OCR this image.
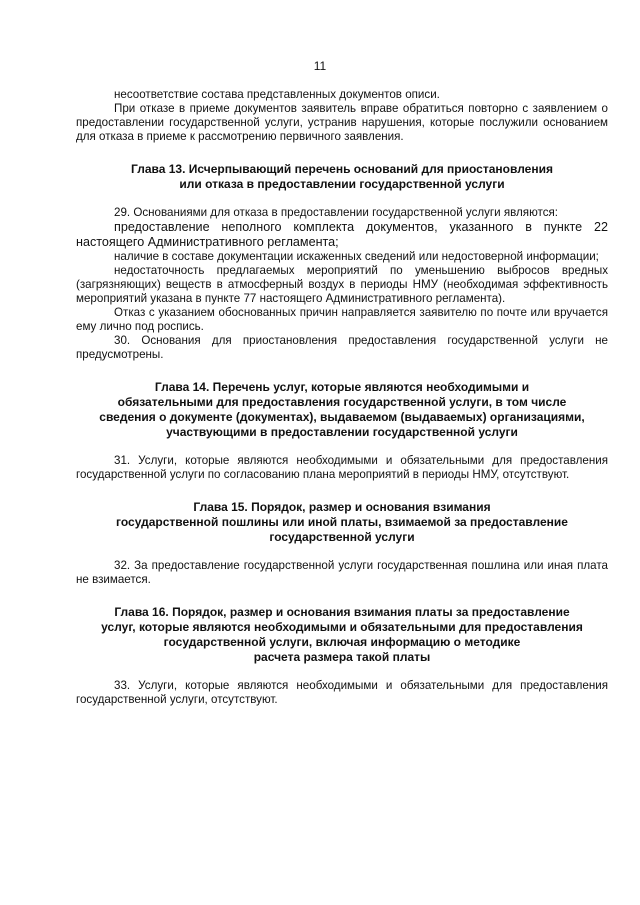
11

несоответствие состава представленных документов описи.

При отказе в приеме документов заявитель вправе обратиться повторно с заявлением о предоставлении государственной услуги, устранив нарушения, которые послужили основанием для отказа в приеме к рассмотрению первичного заявления.

Глава 13. Исчерпывающий перечень оснований для приостановления
или отказа в предоставлении государственной услуги

29. Основаниями для отказа в предоставлении государственной услуги являются:

предоставление неполного комплекта документов, указанного в пункте 22 настоящего Административного регламента;

наличие в составе документации искаженных сведений или недостоверной информации;

недостаточность предлагаемых мероприятий по уменьшению выбросов вредных (загрязняющих) веществ в атмосферный воздух в периоды НМУ (необходимая эффективность мероприятий указана в пункте 77 настоящего Административного регламента).

Отказ с указанием обоснованных причин направляется заявителю по почте или вручается ему лично под роспись.

30. Основания для приостановления предоставления государственной услуги не предусмотрены.

Глава 14. Перечень услуг, которые являются необходимыми и
обязательными для предоставления государственной услуги, в том числе
сведения о документе (документах), выдаваемом (выдаваемых) организациями,
участвующими в предоставлении государственной услуги

31. Услуги, которые являются необходимыми и обязательными для предоставления государственной услуги по согласованию плана мероприятий в периоды НМУ, отсутствуют.

Глава 15. Порядок, размер и основания взимания
государственной пошлины или иной платы, взимаемой за предоставление
государственной услуги

32. За предоставление государственной услуги государственная пошлина или иная плата не взимается.

Глава 16. Порядок, размер и основания взимания платы за предоставление
услуг, которые являются необходимыми и обязательными для предоставления
государственной услуги, включая информацию о методике
расчета размера такой платы

33. Услуги, которые являются необходимыми и обязательными для предоставления государственной услуги, отсутствуют.
